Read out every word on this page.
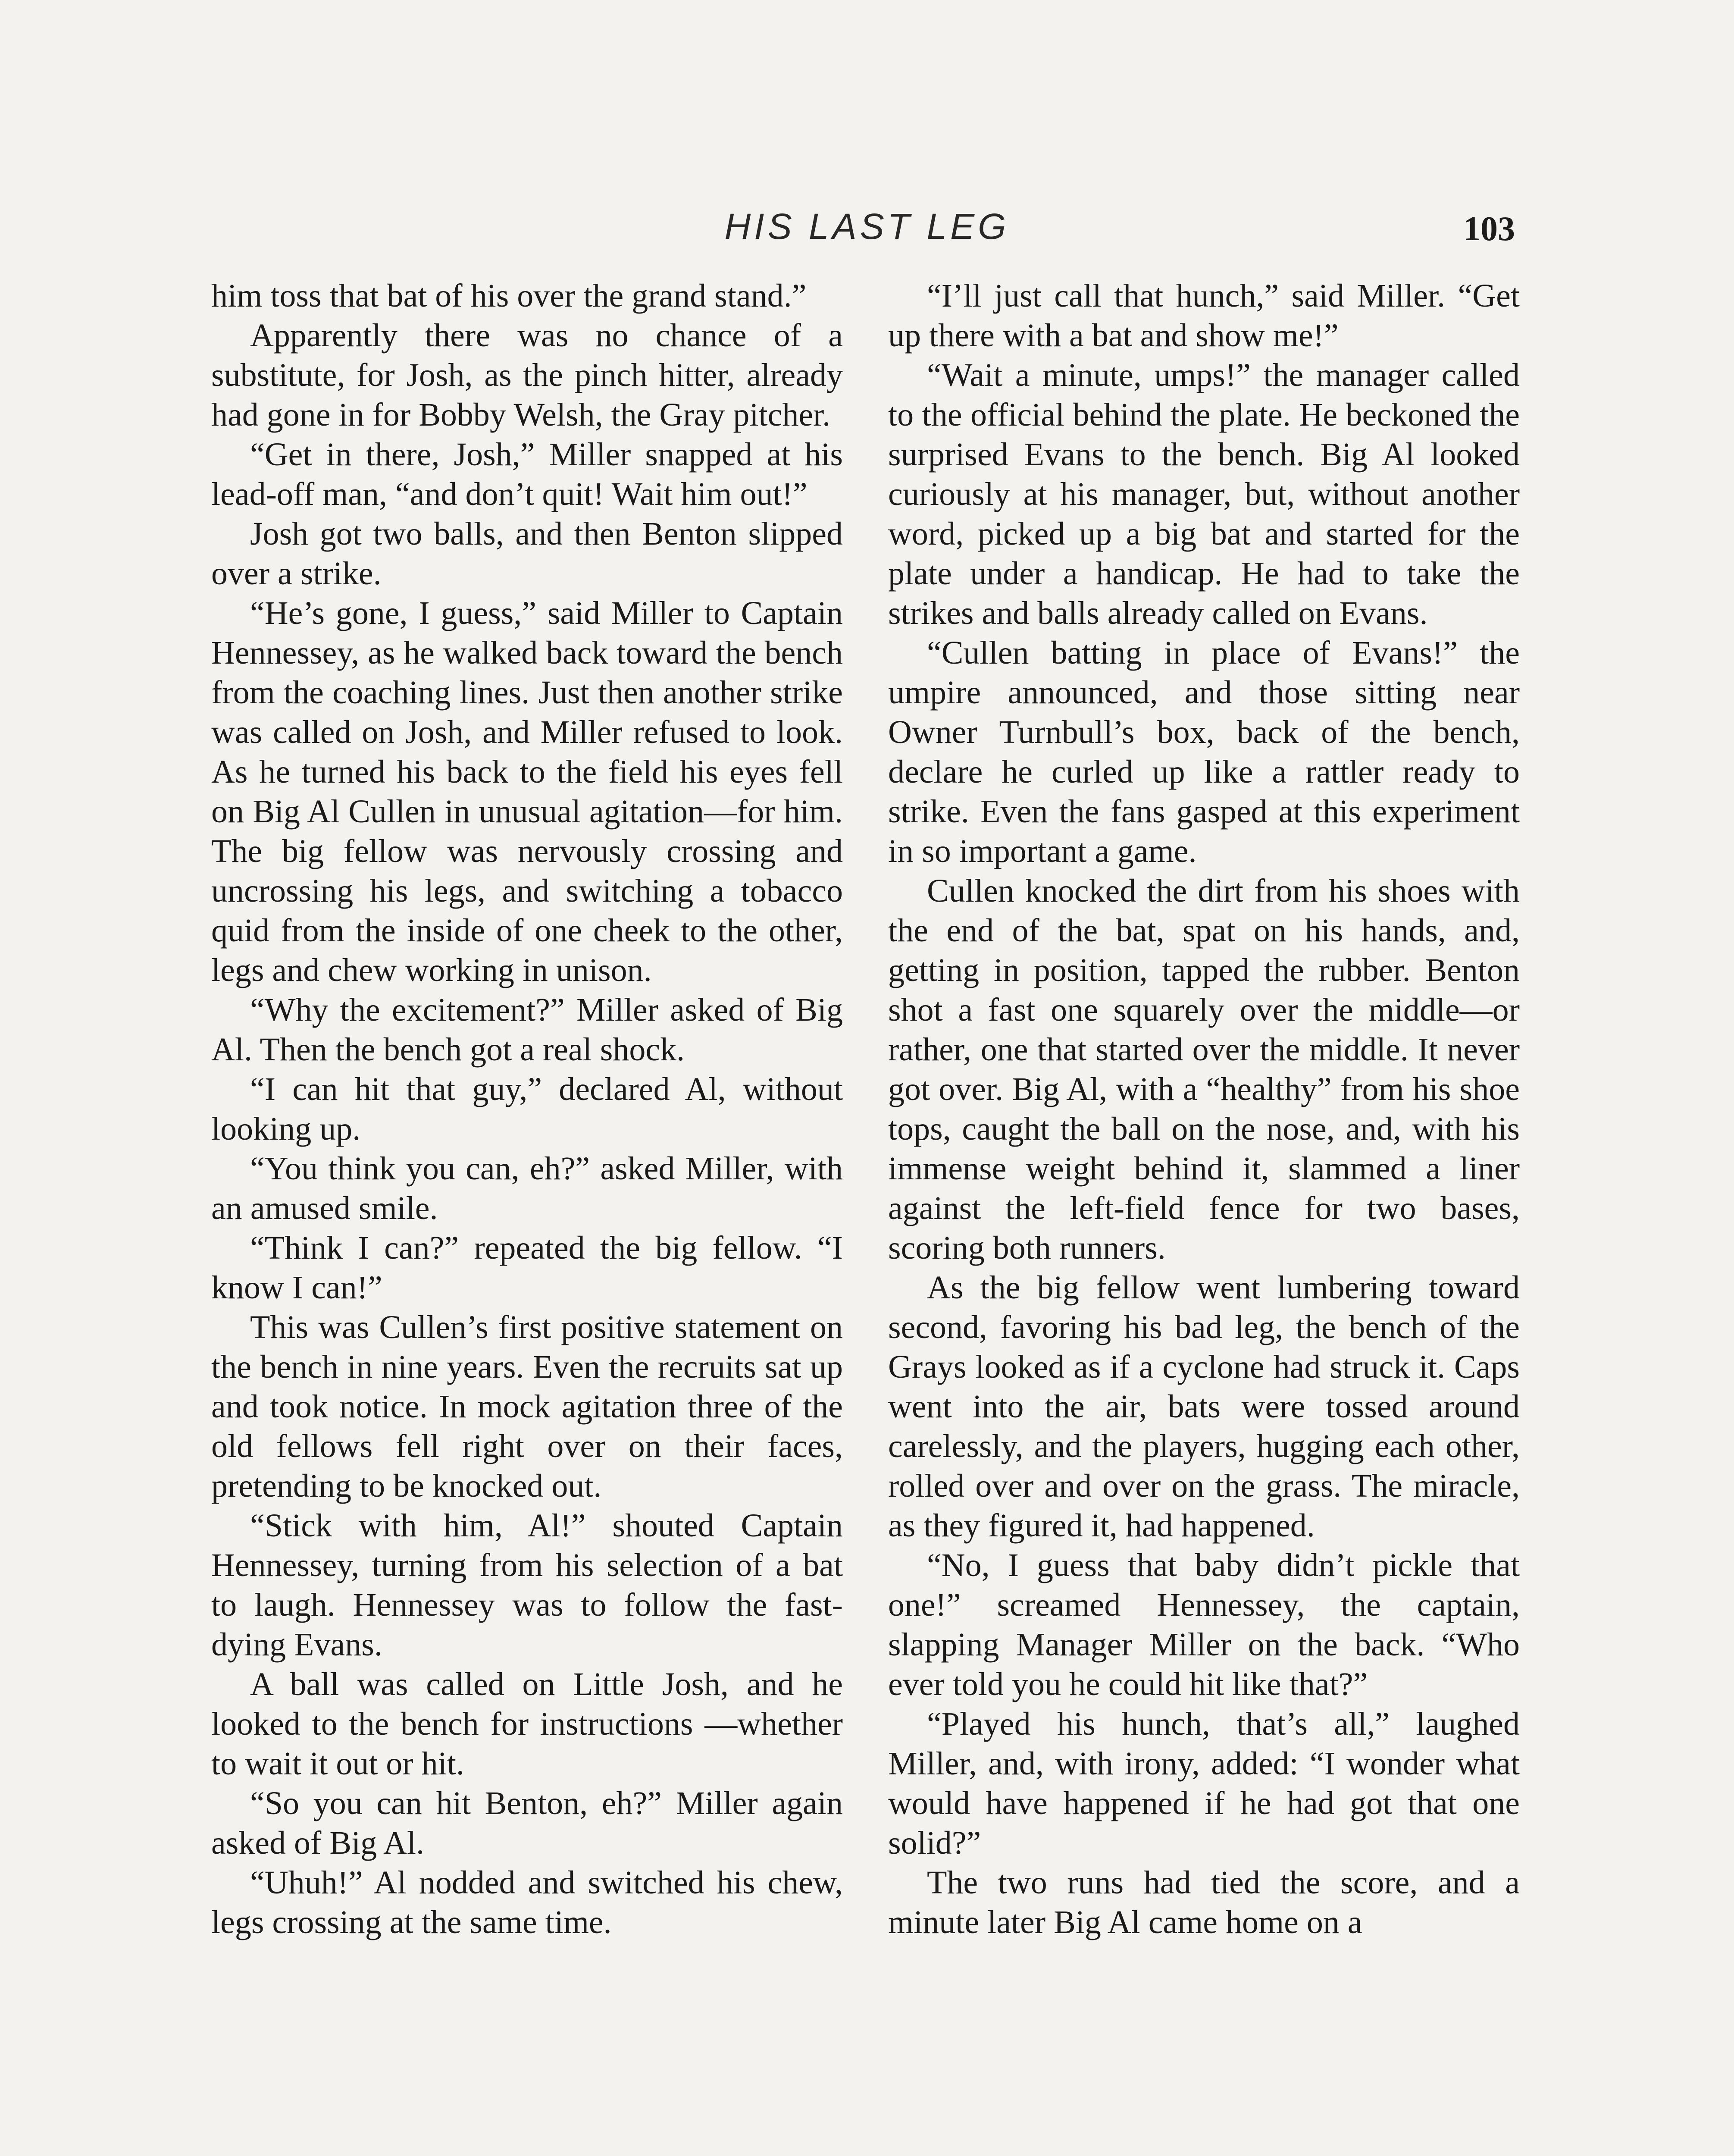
HIS LAST LEG	103

him toss that bat of his over the grand stand.”

Apparently there was no chance of a substitute, for Josh, as the pinch hitter, already had gone in for Bobby Welsh, the Gray pitcher.

“Get in there, Josh,” Miller snapped at his lead-off man, “and don’t quit! Wait him out!”

Josh got two balls, and then Benton slipped over a strike.

“He’s gone, I guess,” said Miller to Captain Hennessey, as he walked back toward the bench from the coaching lines. Just then another strike was called on Josh, and Miller refused to look. As he turned his back to the field his eyes fell on Big Al Cullen in unusual agitation—for him. The big fellow was nervously crossing and uncrossing his legs, and switching a tobacco quid from the inside of one cheek to the other, legs and chew working in unison.

“Why the excitement?” Miller asked of Big Al. Then the bench got a real shock.

“I can hit that guy,” declared Al, without looking up.

“You think you can, eh?” asked Miller, with an amused smile.

“Think I can?” repeated the big fellow. “I know I can!”

This was Cullen’s first positive statement on the bench in nine years. Even the recruits sat up and took notice. In mock agitation three of the old fellows fell right over on their faces, pretending to be knocked out.

“Stick with him, Al!” shouted Captain Hennessey, turning from his selection of a bat to laugh. Hennessey was to follow the fast-dying Evans.

A ball was called on Little Josh, and he looked to the bench for instructions —whether to wait it out or hit.

“So you can hit Benton, eh?” Miller again asked of Big Al.

“Uhuh!” Al nodded and switched his chew, legs crossing at the same time.

“I’ll just call that hunch,” said Miller. “Get up there with a bat and show me!”

“Wait a minute, umps!” the manager called to the official behind the plate. He beckoned the surprised Evans to the bench. Big Al looked curiously at his manager, but, without another word, picked up a big bat and started for the plate under a handicap. He had to take the strikes and balls already called on Evans.

“Cullen batting in place of Evans!” the umpire announced, and those sitting near Owner Turnbull’s box, back of the bench, declare he curled up like a rattler ready to strike. Even the fans gasped at this experiment in so important a game.

Cullen knocked the dirt from his shoes with the end of the bat, spat on his hands, and, getting in position, tapped the rubber. Benton shot a fast one squarely over the middle—or rather, one that started over the middle. It never got over. Big Al, with a “healthy” from his shoe tops, caught the ball on the nose, and, with his immense weight behind it, slammed a liner against the left-field fence for two bases, scoring both runners.

As the big fellow went lumbering toward second, favoring his bad leg, the bench of the Grays looked as if a cyclone had struck it. Caps went into the air, bats were tossed around carelessly, and the players, hugging each other, rolled over and over on the grass. The miracle, as they figured it, had happened.

“No, I guess that baby didn’t pickle that one!” screamed Hennessey, the captain, slapping Manager Miller on the back. “Who ever told you he could hit like that?”

“Played his hunch, that’s all,” laughed Miller, and, with irony, added: “I wonder what would have happened if he had got that one solid?”

The two runs had tied the score, and a minute later Big Al came home on a
